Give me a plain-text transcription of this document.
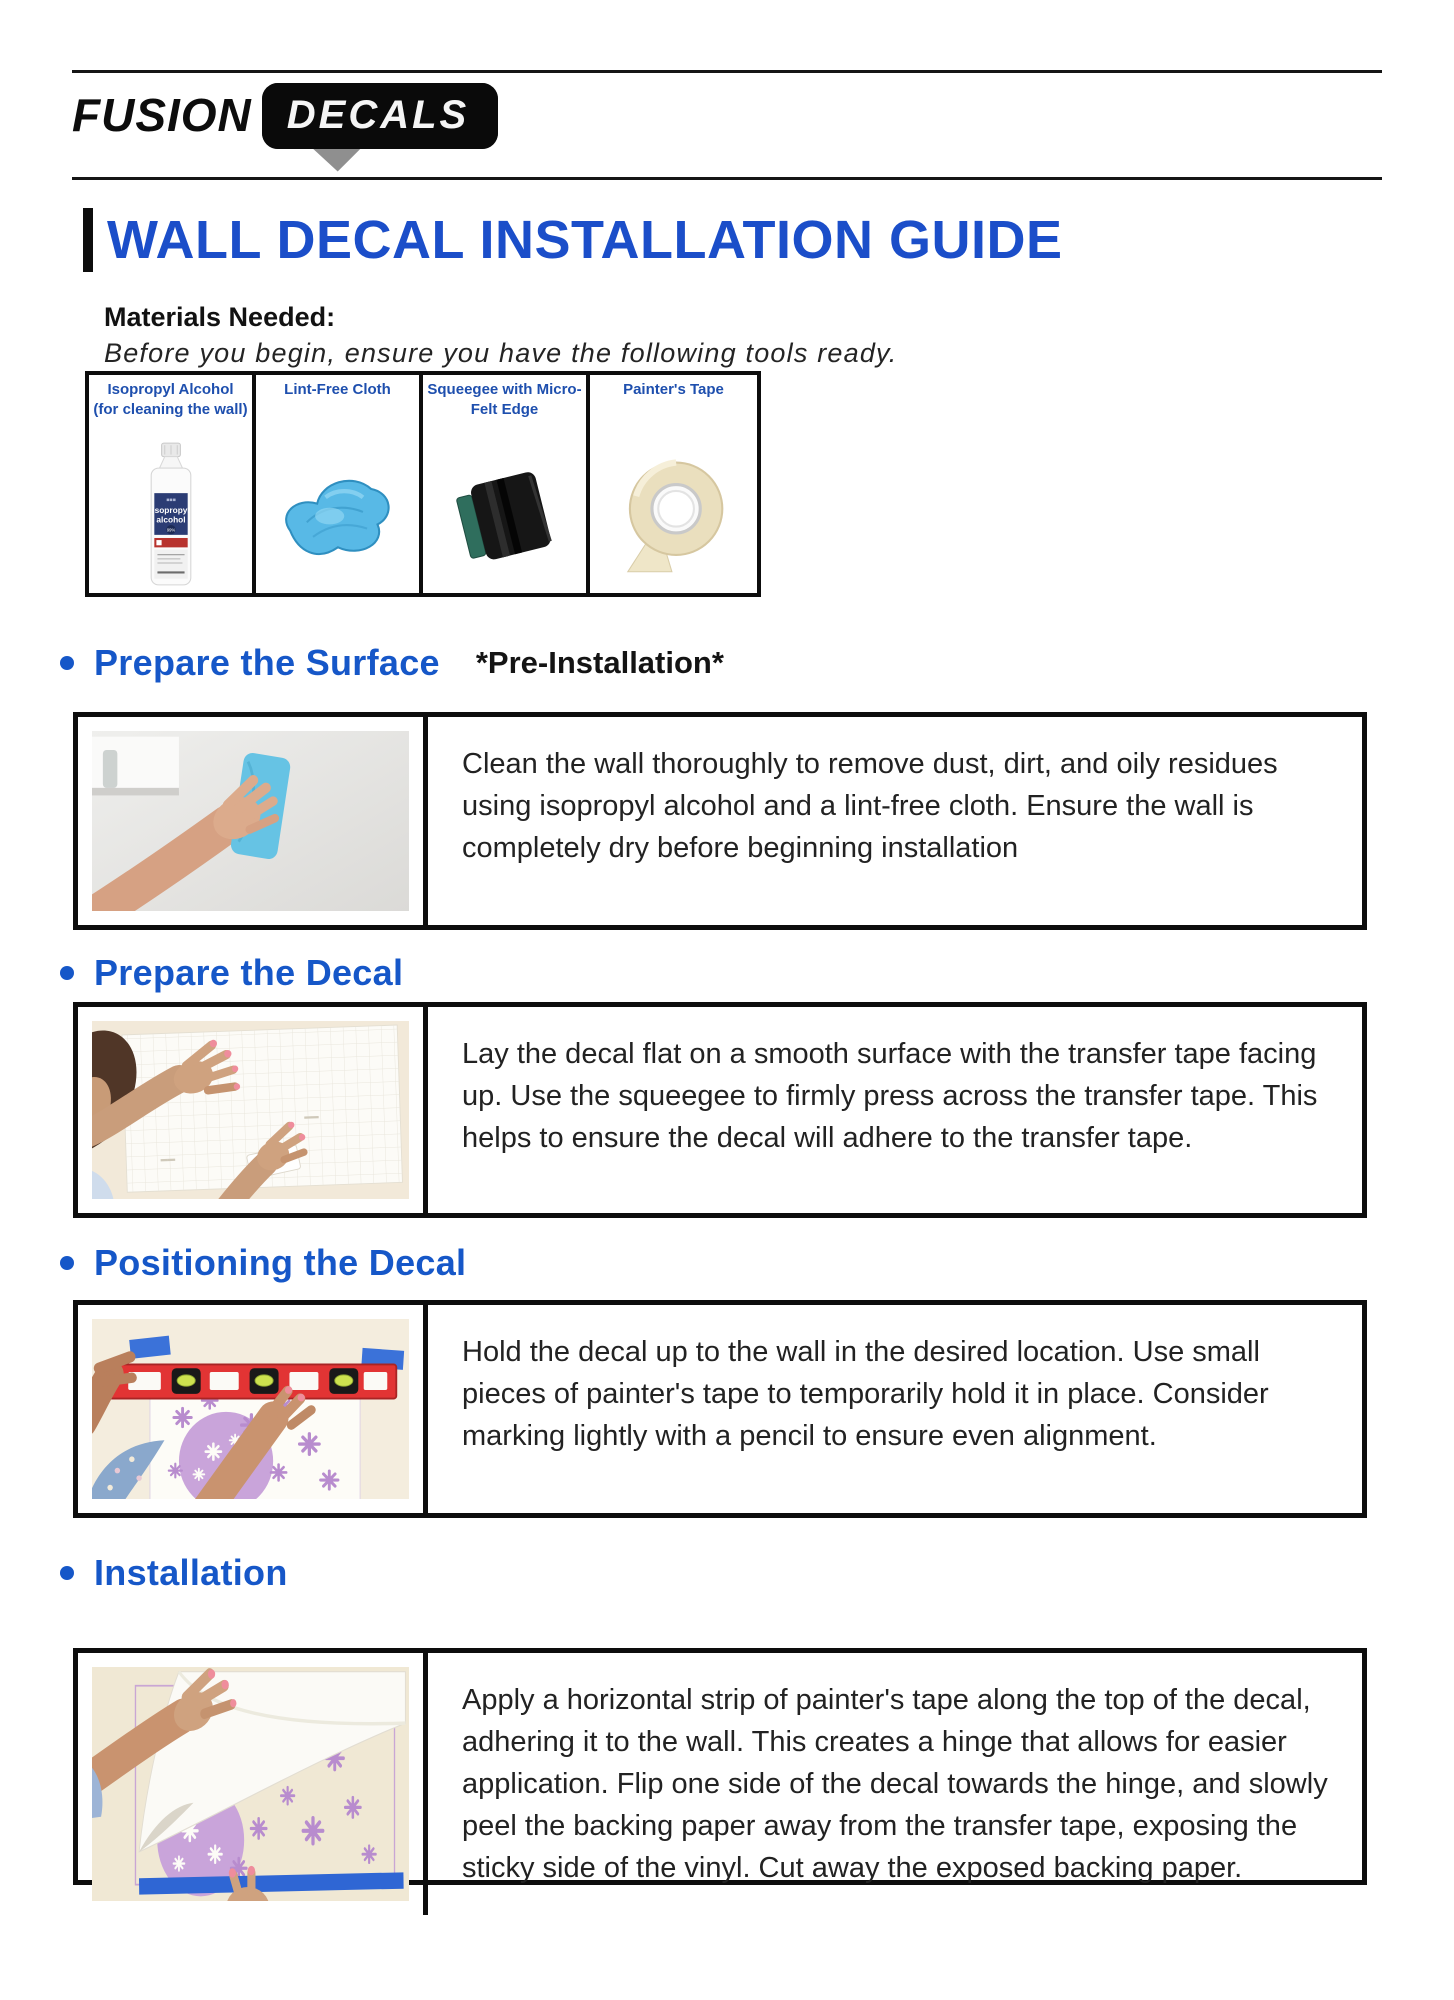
FUSION DECALS
WALL DECAL INSTALLATION GUIDE
Materials Needed:
Before you begin, ensure you have the following tools ready.
Isopropyl Alcohol (for cleaning the wall)
■■■
isopropyl
alcohol
99%
Lint-Free Cloth Squeegee with Micro-Felt Edge
Painter's Tape
Prepare the Surface *Pre-Installation*
Clean the wall thoroughly to remove dust, dirt, and oily residues using isopropyl alcohol and a lint-free cloth. Ensure the wall is completely dry before beginning installation
Prepare the Decal
▬▬
▬▬
Lay the decal flat on a smooth surface with the transfer tape facing up. Use the squeegee to firmly press across the transfer tape. This helps to ensure the decal will adhere to the transfer tape.
Positioning the Decal
Hold the decal up to the wall in the desired location. Use small pieces of painter's tape to temporarily hold it in place. Consider marking lightly with a pencil to ensure even alignment.
Installation
Apply a horizontal strip of painter's tape along the top of the decal, adhering it to the wall. This creates a hinge that allows for easier application. Flip one side of the decal towards the hinge, and slowly peel the backing paper away from the transfer tape, exposing the sticky side of the vinyl. Cut away the exposed backing paper.
